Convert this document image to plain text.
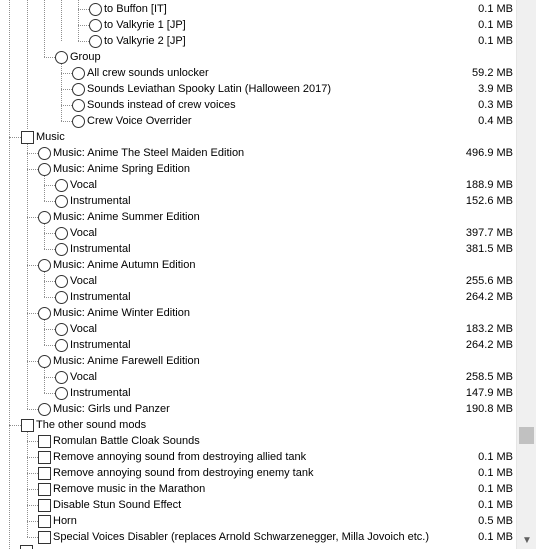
to Buffon [IT]	0.1 MB
to Valkyrie 1 [JP]	0.1 MB
to Valkyrie 2 [JP]	0.1 MB
Group
All crew sounds unlocker	59.2 MB
Sounds Leviathan Spooky Latin (Halloween 2017)	3.9 MB
Sounds instead of crew voices	0.3 MB
Crew Voice Overrider	0.4 MB
Music
Music: Anime The Steel Maiden Edition	496.9 MB
Music: Anime Spring Edition
Vocal	188.9 MB
Instrumental	152.6 MB
Music: Anime Summer Edition
Vocal	397.7 MB
Instrumental	381.5 MB
Music: Anime Autumn Edition
Vocal	255.6 MB
Instrumental	264.2 MB
Music: Anime Winter Edition
Vocal	183.2 MB
Instrumental	264.2 MB
Music: Anime Farewell Edition
Vocal	258.5 MB
Instrumental	147.9 MB
Music: Girls und Panzer	190.8 MB
The other sound mods
Romulan Battle Cloak Sounds
Remove annoying sound from destroying allied tank	0.1 MB
Remove annoying sound from destroying enemy tank	0.1 MB
Remove music in the Marathon	0.1 MB
Disable Stun Sound Effect	0.1 MB
Horn	0.5 MB
Special Voices Disabler (replaces Arnold Schwarzenegger, Milla Jovoich etc.)	0.1 MB ▼
